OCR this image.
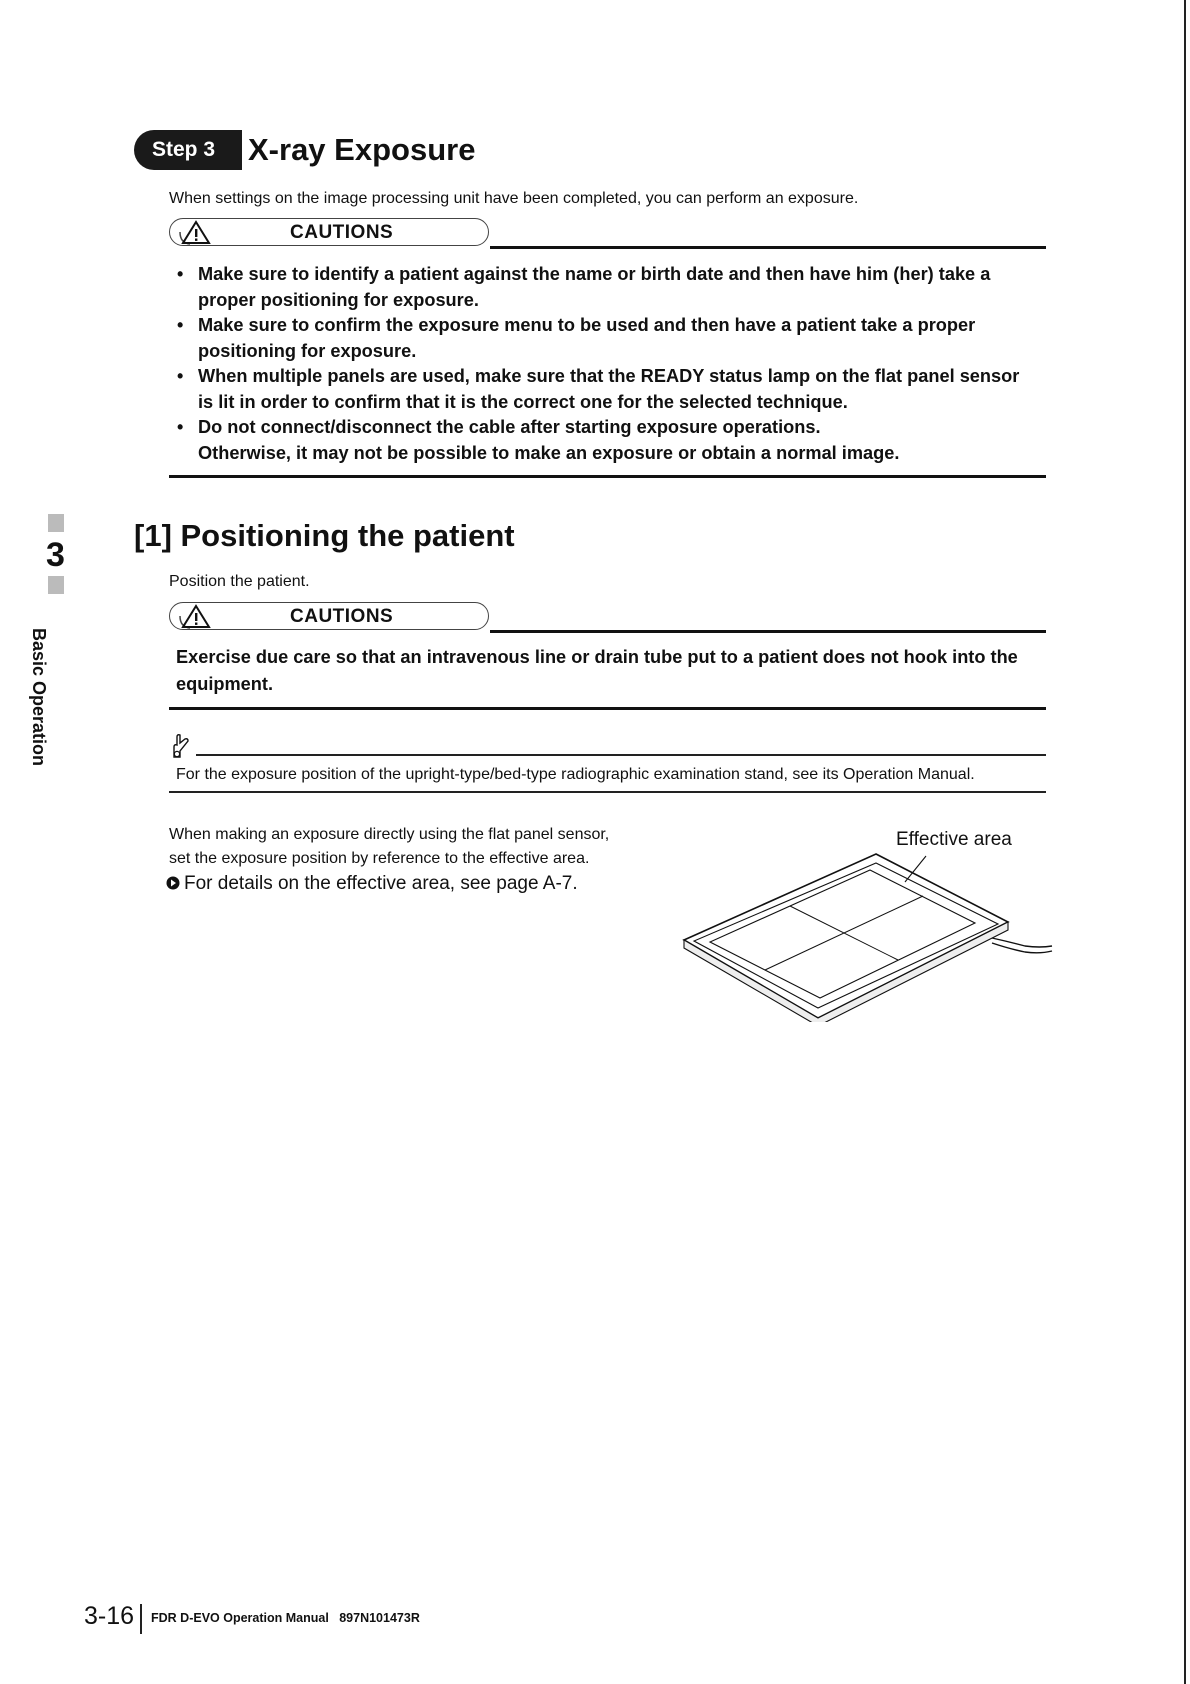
Step 3	X-ray Exposure
When settings on the image processing unit have been completed, you can perform an exposure.
CAUTIONS
• Make sure to identify a patient against the name or birth date and then have him (her) take a proper positioning for exposure.
• Make sure to confirm the exposure menu to be used and then have a patient take a proper positioning for exposure.
• When multiple panels are used, make sure that the READY status lamp on the flat panel sensor is lit in order to confirm that it is the correct one for the selected technique.
• Do not connect/disconnect the cable after starting exposure operations.
Otherwise, it may not be possible to make an exposure or obtain a normal image.
3
Basic Operation
[1] Positioning the patient
Position the patient.
CAUTIONS
Exercise due care so that an intravenous line or drain tube put to a patient does not hook into the equipment.
For the exposure position of the upright-type/bed-type radiographic examination stand, see its Operation Manual.
When making an exposure directly using the flat panel sensor,
set the exposure position by reference to the effective area.
For details on the effective area, see page A-7.
Effective area
3-16 FDR D-EVO Operation Manual 897N101473R
